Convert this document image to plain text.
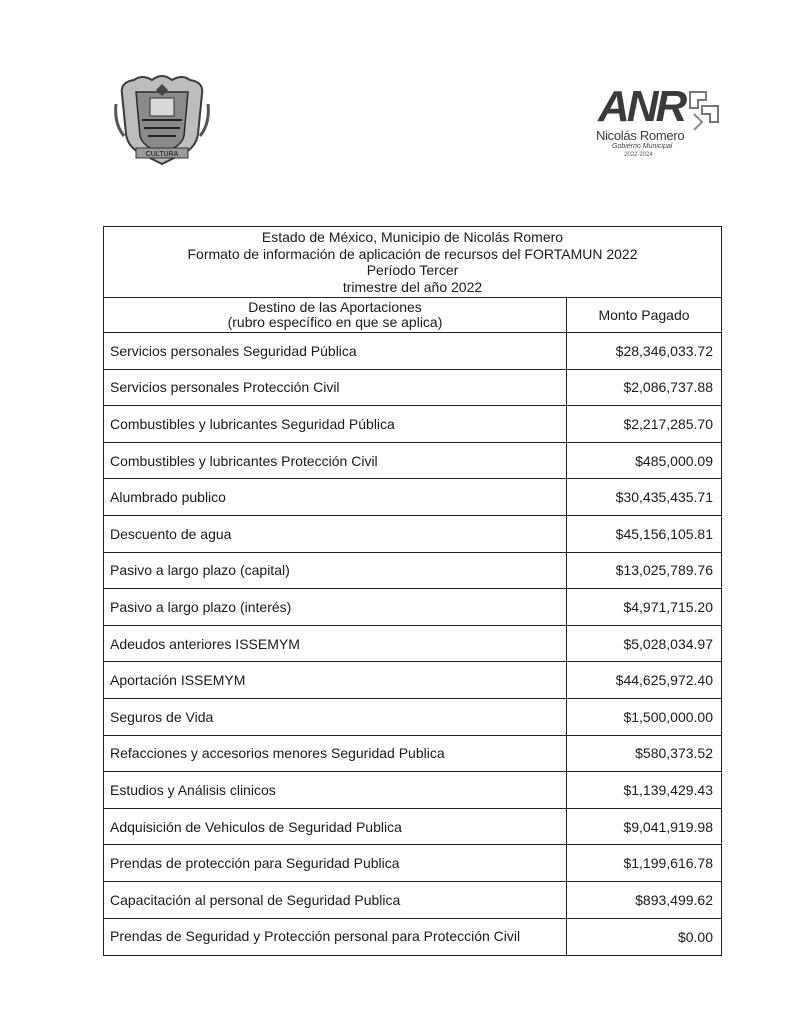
CULTURA
ANR
Nicolás Romero
Gobierno Municipal
2022-2024
Estado de México, Municipio de Nicolás Romero
Formato de información de aplicación de recursos del FORTAMUN 2022
Período Tercer
trimestre del año 2022	

Destino de las Aportaciones
(rubro específico en que se aplica)	Monto Pagado
Servicios personales Seguridad Pública	$28,346,033.72
Servicios personales Protección Civil	$2,086,737.88
Combustibles y lubricantes Seguridad Pública	$2,217,285.70
Combustibles y lubricantes Protección Civil	$485,000.09
Alumbrado publico	$30,435,435.71
Descuento de agua	$45,156,105.81
Pasivo a largo plazo (capital)	$13,025,789.76
Pasivo a largo plazo (interés)	$4,971,715.20
Adeudos anteriores ISSEMYM	$5,028,034.97
Aportación ISSEMYM	$44,625,972.40
Seguros de Vida	$1,500,000.00
Refacciones y accesorios menores Seguridad Publica	$580,373.52
Estudios y Análisis clinicos	$1,139,429.43
Adquisición de Vehiculos de Seguridad Publica	$9,041,919.98
Prendas de protección para Seguridad Publica	$1,199,616.78
Capacitación al personal de Seguridad Publica	$893,499.62
Prendas de Seguridad y Protección personal para Protección Civil	$0.00
